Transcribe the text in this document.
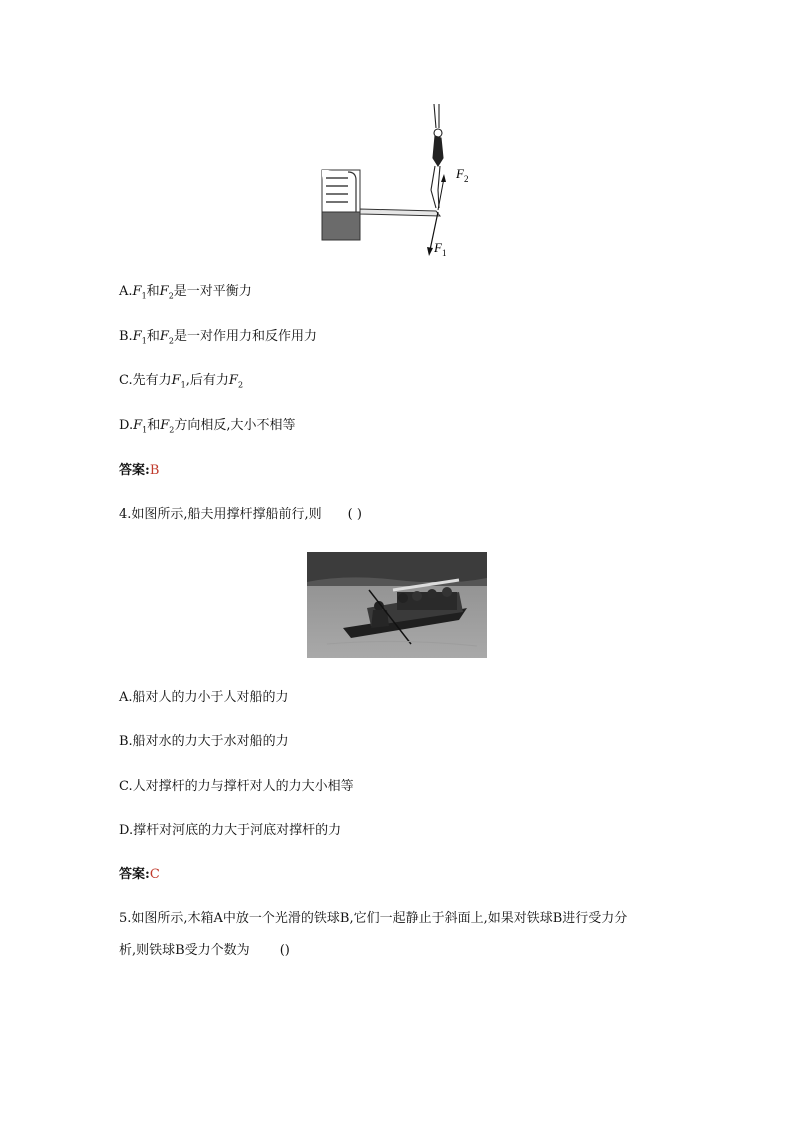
F 2
F 1
$A.F_1$和$F_2$是一对平衡力
$B.F_1$和$F_2$是一对作用力和反作用力
C.先有力$F_1$,后有力$F_2$
$D.F_1$和$F_2$方向相反,大小不相等
答案:B
4.如图所示,船夫用撑杆撑船前行,则 ( )
A.船对人的力小于人对船的力
B.船对水的力大于水对船的力
C.人对撑杆的力与撑杆对人的力大小相等
D.撑杆对河底的力大于河底对撑杆的力
答案:C
5.如图所示,木箱A中放一个光滑的铁球B,它们一起静止于斜面上,如果对铁球B进行受力分
析,则铁球B受力个数为 ()
